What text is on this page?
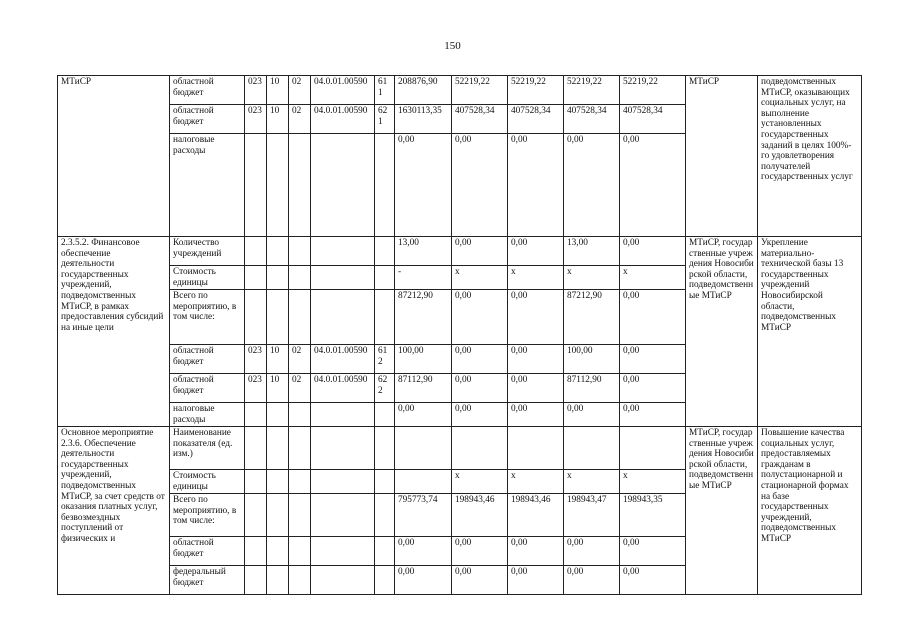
150
МТиСР	областной бюджет	023	10	02	04.0.01.00590	611	208876,90	52219,22	52219,22	52219,22	52219,22	МТиСР	подведомственных МТиСР, оказывающих социальных услуг, на выполнение установленных государственных заданий в целях 100%-го удовлетворения получателей государственных услуг

	областной бюджет	023	10	02	04.0.01.00590	621	1630113,35	407528,34	407528,34	407528,34	407528,34		

	налоговые расходы						0,00	0,00	0,00	0,00	0,00		

2.3.5.2. Финансовое обеспечение деятельности государственных учреждений, подведомственных МТиСР, в рамках предоставления субсидий на иные цели	Количество учреждений						13,00	0,00	0,00	13,00	0,00	МТиСР, государственные учреждения Новосибирской области, подведомственные МТиСР	Укрепление материально-технической базы 13 государственных учреждений Новосибирской области, подведомственных МТиСР

	Стоимость единицы						-	х	х	х	х		

	Всего по мероприятию, в том числе:						87212,90	0,00	0,00	87212,90	0,00		

	областной бюджет	023	10	02	04.0.01.00590	612	100,00	0,00	0,00	100,00	0,00		

	областной бюджет	023	10	02	04.0.01.00590	622	87112,90	0,00	0,00	87112,90	0,00		

	налоговые расходы						0,00	0,00	0,00	0,00	0,00		

Основное мероприятие 2.3.6. Обеспечение деятельности государственных учреждений, подведомственных МТиСР, за счет средств от оказания платных услуг, безвозмездных поступлений от физических и	Наименование показателя (ед. изм.)											МТиСР, государственные учреждения Новосибирской области, подведомственные МТиСР	Повышение качества социальных услуг, предоставляемых гражданам в полустационарной и стационарной формах на базе государственных учреждений, подведомственных МТиСР

	Стоимость единицы							х	х	х	х		

	Всего по мероприятию, в том числе:						795773,74	198943,46	198943,46	198943,47	198943,35		

	областной бюджет						0,00	0,00	0,00	0,00	0,00		

	федеральный бюджет						0,00	0,00	0,00	0,00	0,00		
